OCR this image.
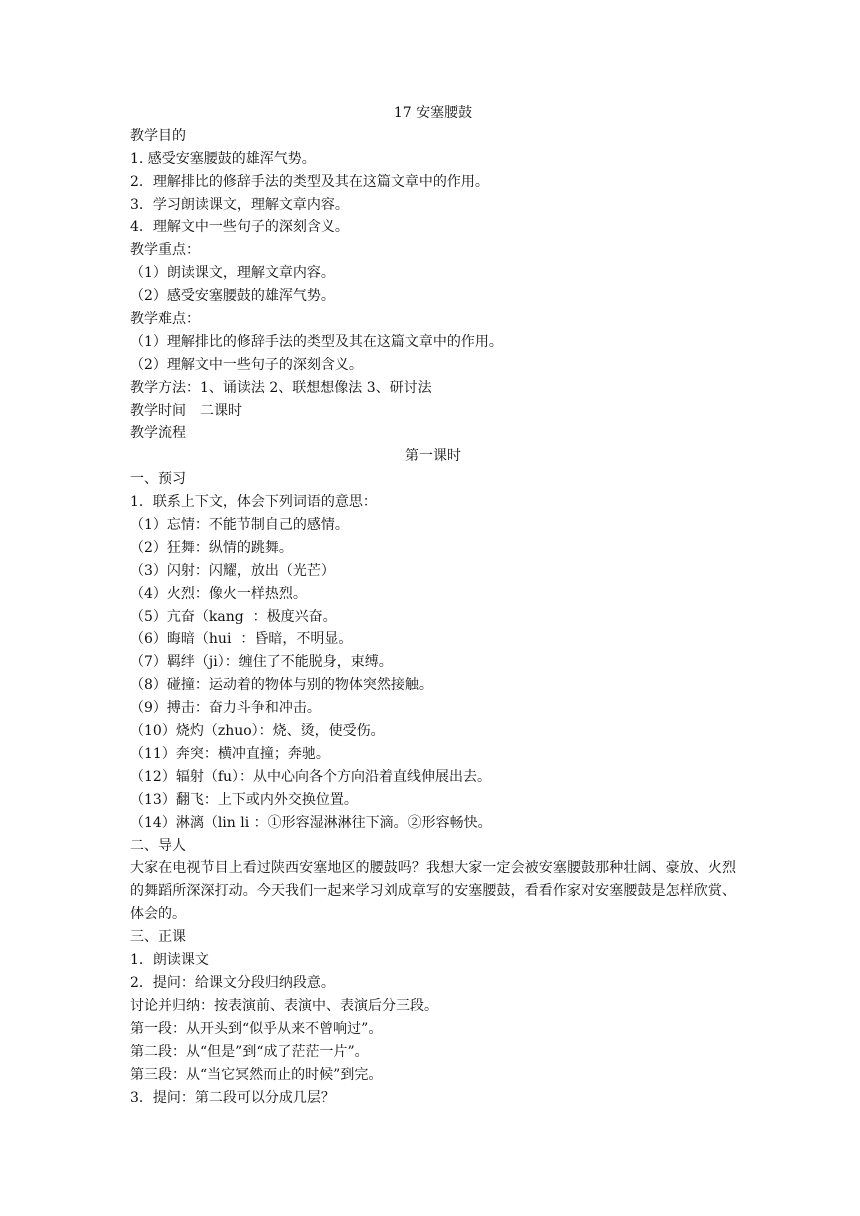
17 安塞腰鼓
教学目的
1. 感受安塞腰鼓的雄浑气势。
2．理解排比的修辞手法的类型及其在这篇文章中的作用。
3．学习朗读课文，理解文章内容。
4．理解文中一些句子的深刻含义。
教学重点：
（1）朗读课文，理解文章内容。
（2）感受安塞腰鼓的雄浑气势。
教学难点：
（1）理解排比的修辞手法的类型及其在这篇文章中的作用。
（2）理解文中一些句子的深刻含义。
教学方法：1、诵读法 2、联想想像法 3、研讨法
教学时间　二课时
教学流程
第一课时
一、预习
1．联系上下文，体会下列词语的意思：
（1）忘情：不能节制自己的感情。
（2）狂舞：纵情的跳舞。
（3）闪射：闪耀，放出（光芒）
（4）火烈：像火一样热烈。
（5）亢奋（kang  ：极度兴奋。
（6）晦暗（hui  ：昏暗，不明显。
（7）羁绊（ji）：缠住了不能脱身，束缚。
（8）碰撞：运动着的物体与别的物体突然接触。
（9）搏击：奋力斗争和冲击。
（10）烧灼（zhuo）：烧、烫，使受伤。
（11）奔突：横冲直撞；奔驰。
（12）辐射（fu）：从中心向各个方向沿着直线伸展出去。
（13）翻飞：上下或内外交换位置。
（14）淋漓（lin li ：①形容湿淋淋往下滴。②形容畅快。
二、导人
大家在电视节目上看过陕西安塞地区的腰鼓吗？我想大家一定会被安塞腰鼓那种壮阔、豪放、火烈的舞蹈所深深打动。今天我们一起来学习刘成章写的安塞腰鼓，看看作家对安塞腰鼓是怎样欣赏、体会的。
三、正课
1．朗读课文
2．提问：给课文分段归纳段意。
讨论并归纳：按表演前、表演中、表演后分三段。
第一段：从开头到“似乎从来不曾响过”。
第二段：从“但是”到“成了茫茫一片”。
第三段：从“当它冥然而止的时候”到完。
3．提问：第二段可以分成几层？
